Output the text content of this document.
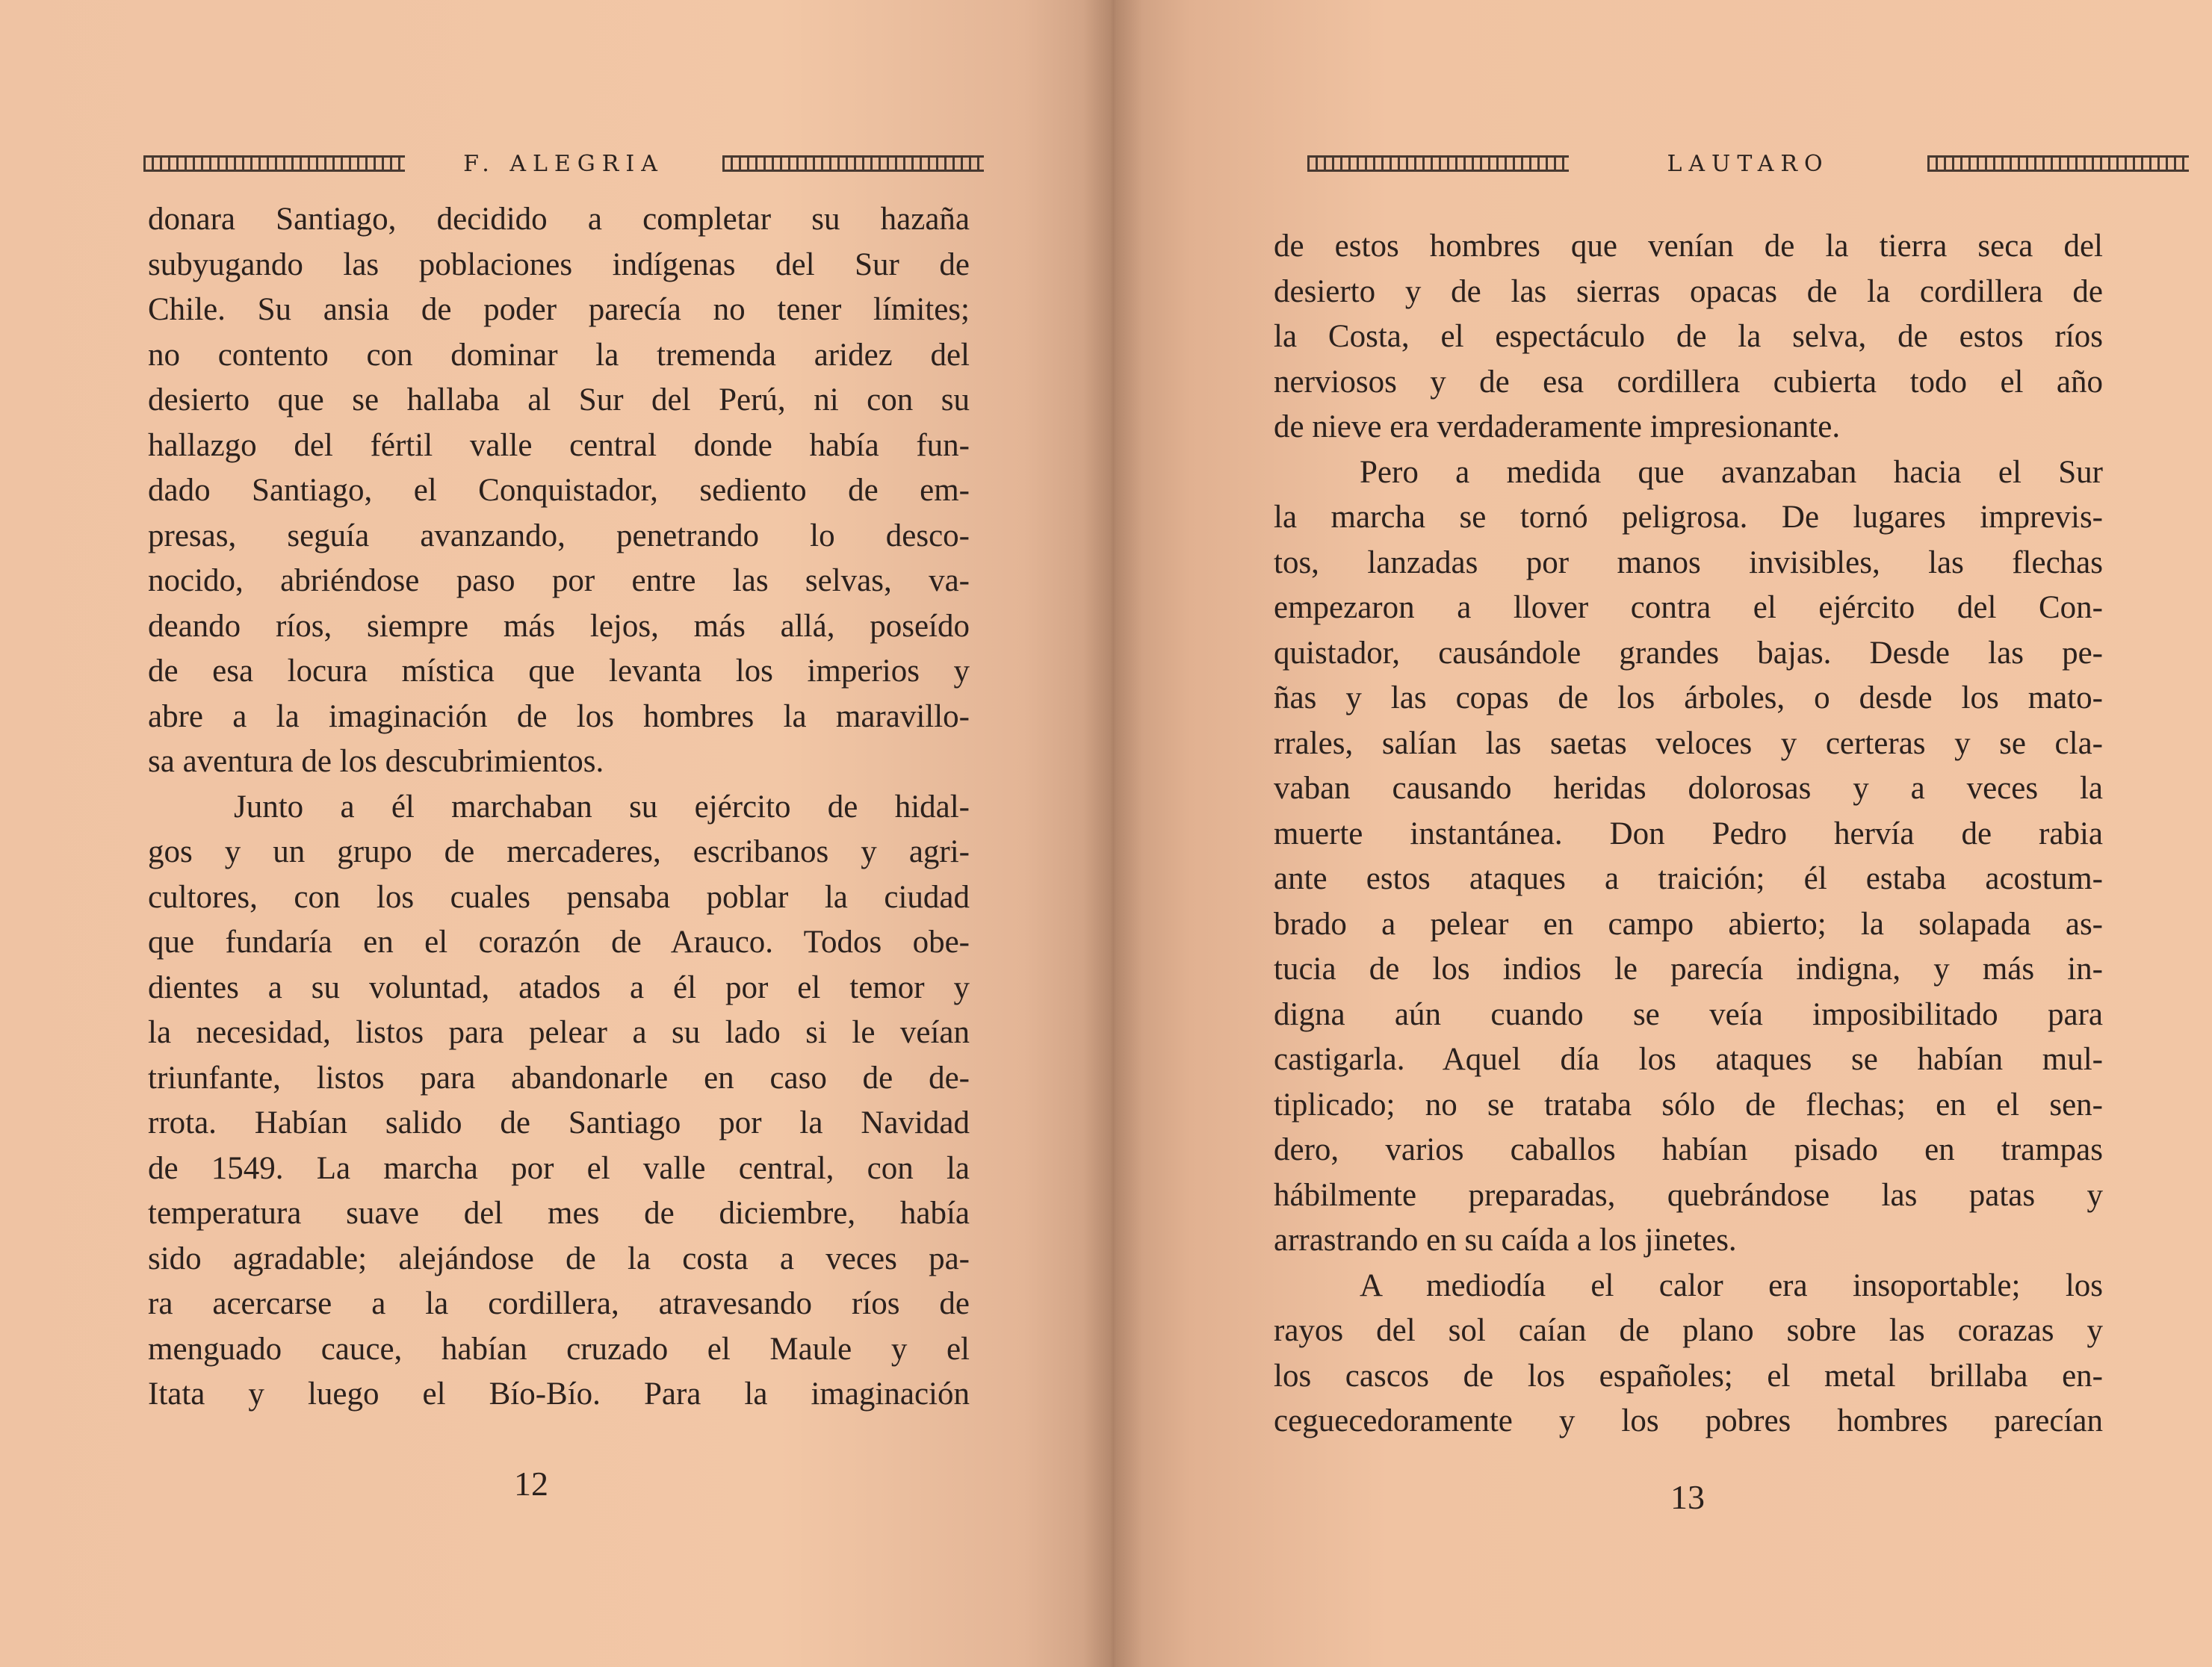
F. ALEGRIA
donara Santiago, decidido a completar su hazaña
subyugando las poblaciones indígenas del Sur de
Chile. Su ansia de poder parecía no tener límites;
no contento con dominar la tremenda aridez del
desierto que se hallaba al Sur del Perú, ni con su
hallazgo del fértil valle central donde había fun-
dado Santiago, el Conquistador, sediento de em-
presas, seguía avanzando, penetrando lo desco-
nocido, abriéndose paso por entre las selvas, va-
deando ríos, siempre más lejos, más allá, poseído
de esa locura mística que levanta los imperios y
abre a la imaginación de los hombres la maravillo-
sa aventura de los descubrimientos.
Junto a él marchaban su ejército de hidal-
gos y un grupo de mercaderes, escribanos y agri-
cultores, con los cuales pensaba poblar la ciudad
que fundaría en el corazón de Arauco. Todos obe-
dientes a su voluntad, atados a él por el temor y
la necesidad, listos para pelear a su lado si le veían
triunfante, listos para abandonarle en caso de de-
rrota. Habían salido de Santiago por la Navidad
de 1549. La marcha por el valle central, con la
temperatura suave del mes de diciembre, había
sido agradable; alejándose de la costa a veces pa-
ra acercarse a la cordillera, atravesando ríos de
menguado cauce, habían cruzado el Maule y el
Itata y luego el Bío-Bío. Para la imaginación
12
LAUTARO
de estos hombres que venían de la tierra seca del
desierto y de las sierras opacas de la cordillera de
la Costa, el espectáculo de la selva, de estos ríos
nerviosos y de esa cordillera cubierta todo el año
de nieve era verdaderamente impresionante.
Pero a medida que avanzaban hacia el Sur
la marcha se tornó peligrosa. De lugares imprevis-
tos, lanzadas por manos invisibles, las flechas
empezaron a llover contra el ejército del Con-
quistador, causándole grandes bajas. Desde las pe-
ñas y las copas de los árboles, o desde los mato-
rrales, salían las saetas veloces y certeras y se cla-
vaban causando heridas dolorosas y a veces la
muerte instantánea. Don Pedro hervía de rabia
ante estos ataques a traición; él estaba acostum-
brado a pelear en campo abierto; la solapada as-
tucia de los indios le parecía indigna, y más in-
digna aún cuando se veía imposibilitado para
castigarla. Aquel día los ataques se habían mul-
tiplicado; no se trataba sólo de flechas; en el sen-
dero, varios caballos habían pisado en trampas
hábilmente preparadas, quebrándose las patas y
arrastrando en su caída a los jinetes.
A mediodía el calor era insoportable; los
rayos del sol caían de plano sobre las corazas y
los cascos de los españoles; el metal brillaba en-
ceguecedoramente y los pobres hombres parecían
13
